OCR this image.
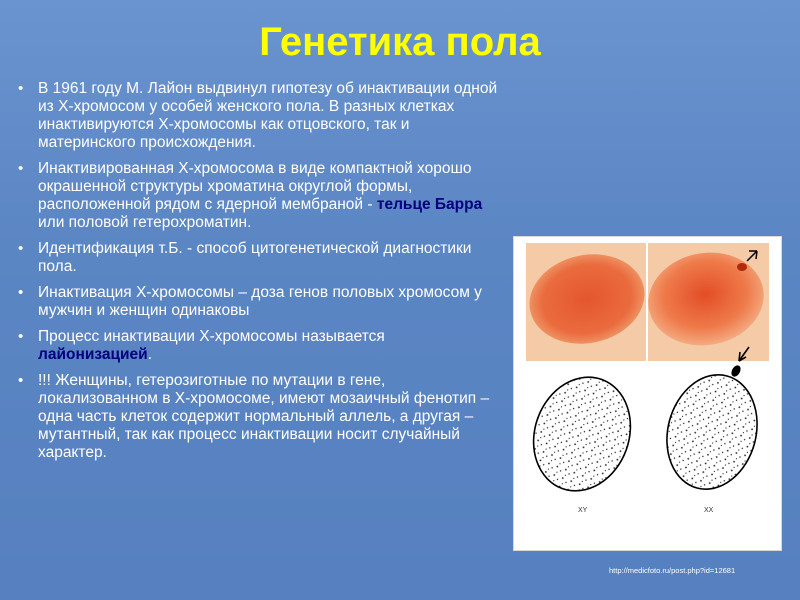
Генетика пола
• В 1961 году М. Лайон выдвинул гипотезу об инактивации одной из Х-хромосом у особей женского пола. В разных клетках инактивируются Х-хромосомы как отцовского, так и материнского происхождения.
• Инактивированная Х-хромосома в виде компактной хорошо окрашенной структуры хроматина округлой формы, расположенной рядом с ядерной мембраной - тельце Барра или половой гетерохроматин.
• Идентификация т.Б. - способ цитогенетической диагностики пола.
• Инактивация Х-хромосомы – доза генов половых хромосом у мужчин и женщин одинаковы
• Процесс инактивации Х-хромосомы называется лайонизацией.
• !!! Женщины, гетерозиготные по мутации в гене, локализованном в Х-хромосоме, имеют мозаичный фенотип – одна часть клеток содержит нормальный аллель, а другая – мутантный, так как процесс инактивации носит случайный характер.
XY	XX
http://medicfoto.ru/post.php?id=12681
